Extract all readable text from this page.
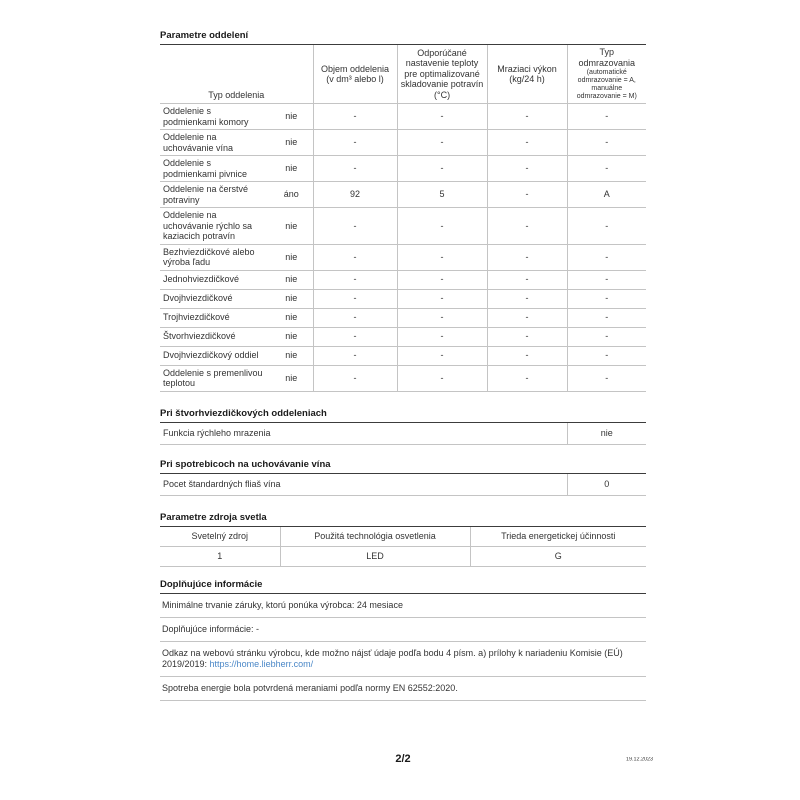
Parametre oddelení
Typ oddelenia		Objem oddelenia (v dm³ alebo l)	Odporúčané nastavenie teploty pre optimalizované skladovanie potravín (°C)	Mraziaci výkon (kg/24 h)	Typ odmrazovania
(automatické odmrazovanie = A, manuálne odmrazovanie = M)

Oddelenie s podmienkami komory	nie	-	-	-	-
Oddelenie na uchovávanie vína	nie	-	-	-	-
Oddelenie s podmienkami pivnice	nie	-	-	-	-
Oddelenie na čerstvé potraviny	áno	92	5	-	A
Oddelenie na uchovávanie rýchlo sa kaziacich potravín	nie	-	-	-	-
Bezhviezdičkové alebo výroba ľadu	nie	-	-	-	-
Jednohviezdičkové	nie	-	-	-	-
Dvojhviezdičkové	nie	-	-	-	-
Trojhviezdičkové	nie	-	-	-	-
Štvorhviezdičkové	nie	-	-	-	-
Dvojhviezdičkový oddiel	nie	-	-	-	-
Oddelenie s premenlivou teplotou	nie	-	-	-	-
Pri štvorhviezdičkových oddeleniach
Funkcia rýchleho mrazenia	nie
Pri spotrebicoch na uchovávanie vína
Pocet štandardných fliaš vína	0
Parametre zdroja svetla
Svetelný zdroj	Použitá technológia osvetlenia	Trieda energetickej účinnosti
1	LED	G
Doplňujúce informácie
Minimálne trvanie záruky, ktorú ponúka výrobca: 24 mesiace
Doplňujúce informácie: -
Odkaz na webovú stránku výrobcu, kde možno nájsť údaje podľa bodu 4 písm. a) prílohy k nariadeniu Komisie (EÚ) 2019/2019: https://home.liebherr.com/
Spotreba energie bola potvrdená meraniami podľa normy EN 62552:2020.
2/2	19.12.2023
